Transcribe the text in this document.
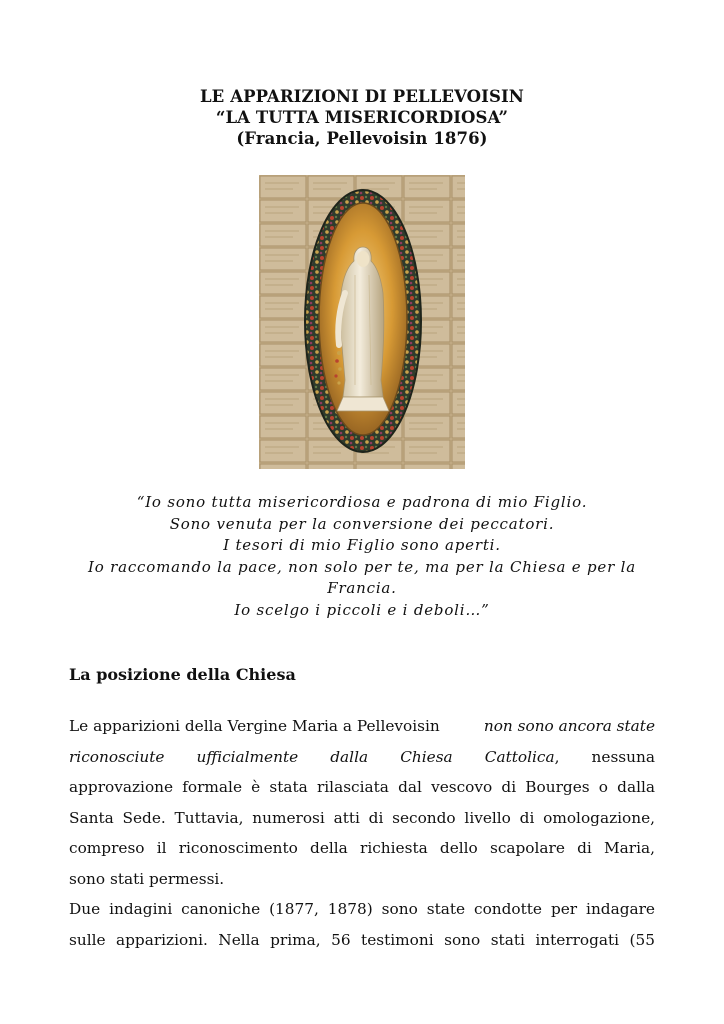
LE APPARIZIONI DI PELLEVOISIN
“LA TUTTA MISERICORDIOSA”
(Francia, Pellevoisin 1876)
“Io sono tutta misericordiosa e padrona di mio Figlio.
Sono venuta per la conversione dei peccatori.
I tesori di mio Figlio sono aperti.
Io raccomando la pace, non solo per te, ma per la Chiesa e per la
Francia.
Io scelgo i piccoli e i deboli…”
La posizione della Chiesa
Le apparizioni della Vergine Maria a Pellevoisin	non sono ancora state
riconosciute ufficialmente dalla Chiesa Cattolica, nessuna
approvazione formale è stata rilasciata dal vescovo di Bourges o dalla
Santa Sede. Tuttavia, numerosi atti di secondo livello di omologazione,
compreso il riconoscimento della richiesta dello scapolare di Maria,
sono stati permessi.
Due indagini canoniche (1877, 1878) sono state condotte per indagare
sulle apparizioni. Nella prima, 56 testimoni sono stati interrogati (55
